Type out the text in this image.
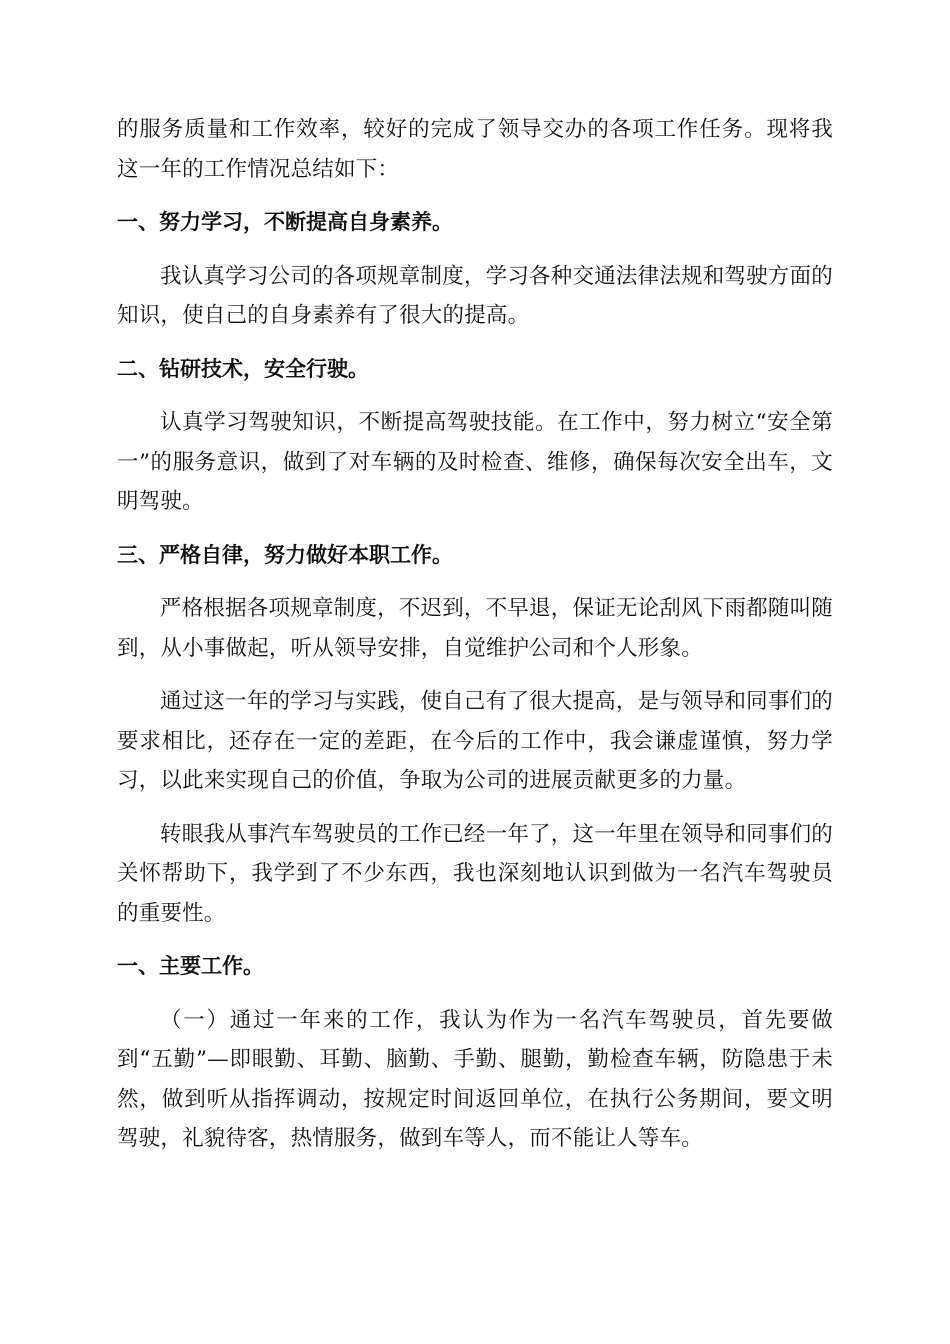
的服务质量和工作效率，较好的完成了领导交办的各项工作任务。现将我这一年的工作情况总结如下：

一、努力学习，不断提高自身素养。

我认真学习公司的各项规章制度，学习各种交通法律法规和驾驶方面的知识，使自己的自身素养有了很大的提高。

二、钻研技术，安全行驶。

认真学习驾驶知识，不断提高驾驶技能。在工作中，努力树立“安全第一”的服务意识，做到了对车辆的及时检查、维修，确保每次安全出车，文明驾驶。

三、严格自律，努力做好本职工作。

严格根据各项规章制度，不迟到，不早退，保证无论刮风下雨都随叫随到，从小事做起，听从领导安排，自觉维护公司和个人形象。

通过这一年的学习与实践，使自己有了很大提高，是与领导和同事们的要求相比，还存在一定的差距，在今后的工作中，我会谦虚谨慎，努力学习，以此来实现自己的价值，争取为公司的进展贡献更多的力量。

转眼我从事汽车驾驶员的工作已经一年了，这一年里在领导和同事们的关怀帮助下，我学到了不少东西，我也深刻地认识到做为一名汽车驾驶员的重要性。

一、主要工作。

（一）通过一年来的工作，我认为作为一名汽车驾驶员，首先要做到“五勤”—即眼勤、耳勤、脑勤、手勤、腿勤，勤检查车辆，防隐患于未然，做到听从指挥调动，按规定时间返回单位，在执行公务期间，要文明驾驶，礼貌待客，热情服务，做到车等人，而不能让人等车。
